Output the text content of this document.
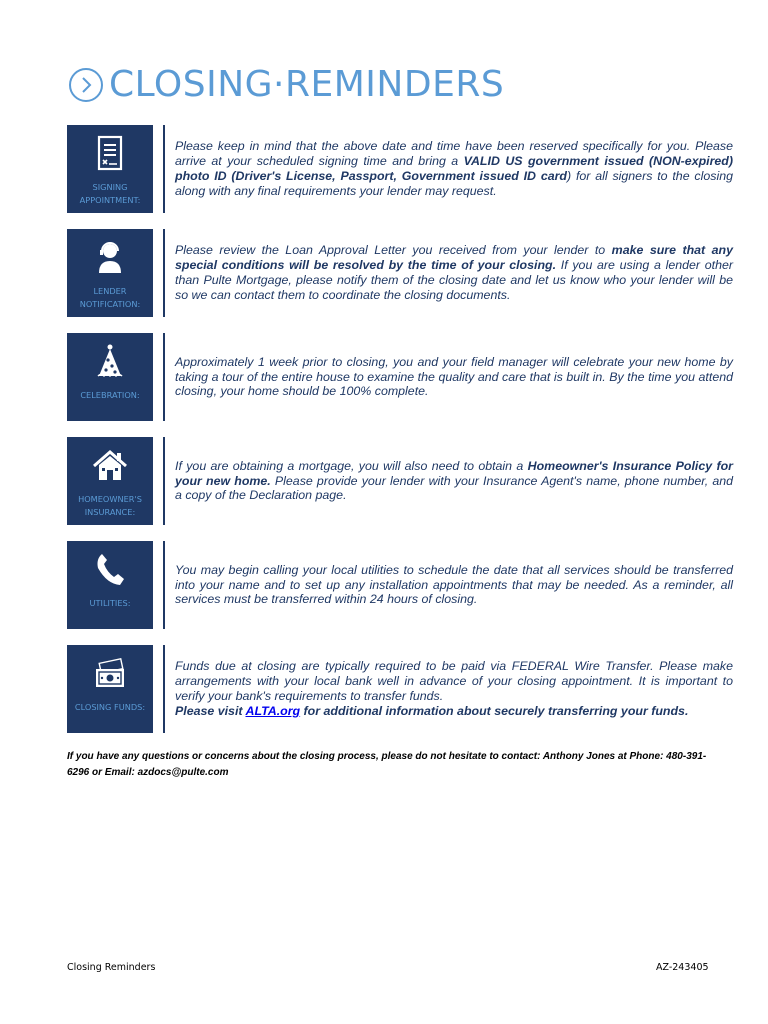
CLOSING·REMINDERS
SIGNING
APPOINTMENT:

Please keep in mind that the above date and time have been reserved specifically for you. Please arrive at your scheduled signing time and bring a VALID US government issued (NON-expired) photo ID (Driver's License, Passport, Government issued ID card) for all signers to the closing along with any final requirements your lender may request.

LENDER
NOTIFICATION:

Please review the Loan Approval Letter you received from your lender to make sure that any special conditions will be resolved by the time of your closing. If you are using a lender other than Pulte Mortgage, please notify them of the closing date and let us know who your lender will be so we can contact them to coordinate the closing documents.

CELEBRATION:

Approximately 1 week prior to closing, you and your field manager will celebrate your new home by taking a tour of the entire house to examine the quality and care that is built in. By the time you attend closing, your home should be 100% complete.

HOMEOWNER'S
INSURANCE:

If you are obtaining a mortgage, you will also need to obtain a Homeowner's Insurance Policy for your new home. Please provide your lender with your Insurance Agent's name, phone number, and a copy of the Declaration page.

UTILITIES:

You may begin calling your local utilities to schedule the date that all services should be transferred into your name and to set up any installation appointments that may be needed. As a reminder, all services must be transferred within 24 hours of closing.

CLOSING FUNDS:

Funds due at closing are typically required to be paid via FEDERAL Wire Transfer. Please make arrangements with your local bank well in advance of your closing appointment. It is important to verify your bank's requirements to transfer funds.

Please visit ALTA.org for additional information about securely transferring your funds.

If you have any questions or concerns about the closing process, please do not hesitate to contact: Anthony Jones at Phone: 480-391-6296 or Email: azdocs@pulte.com
Closing Reminders	AZ-243405
